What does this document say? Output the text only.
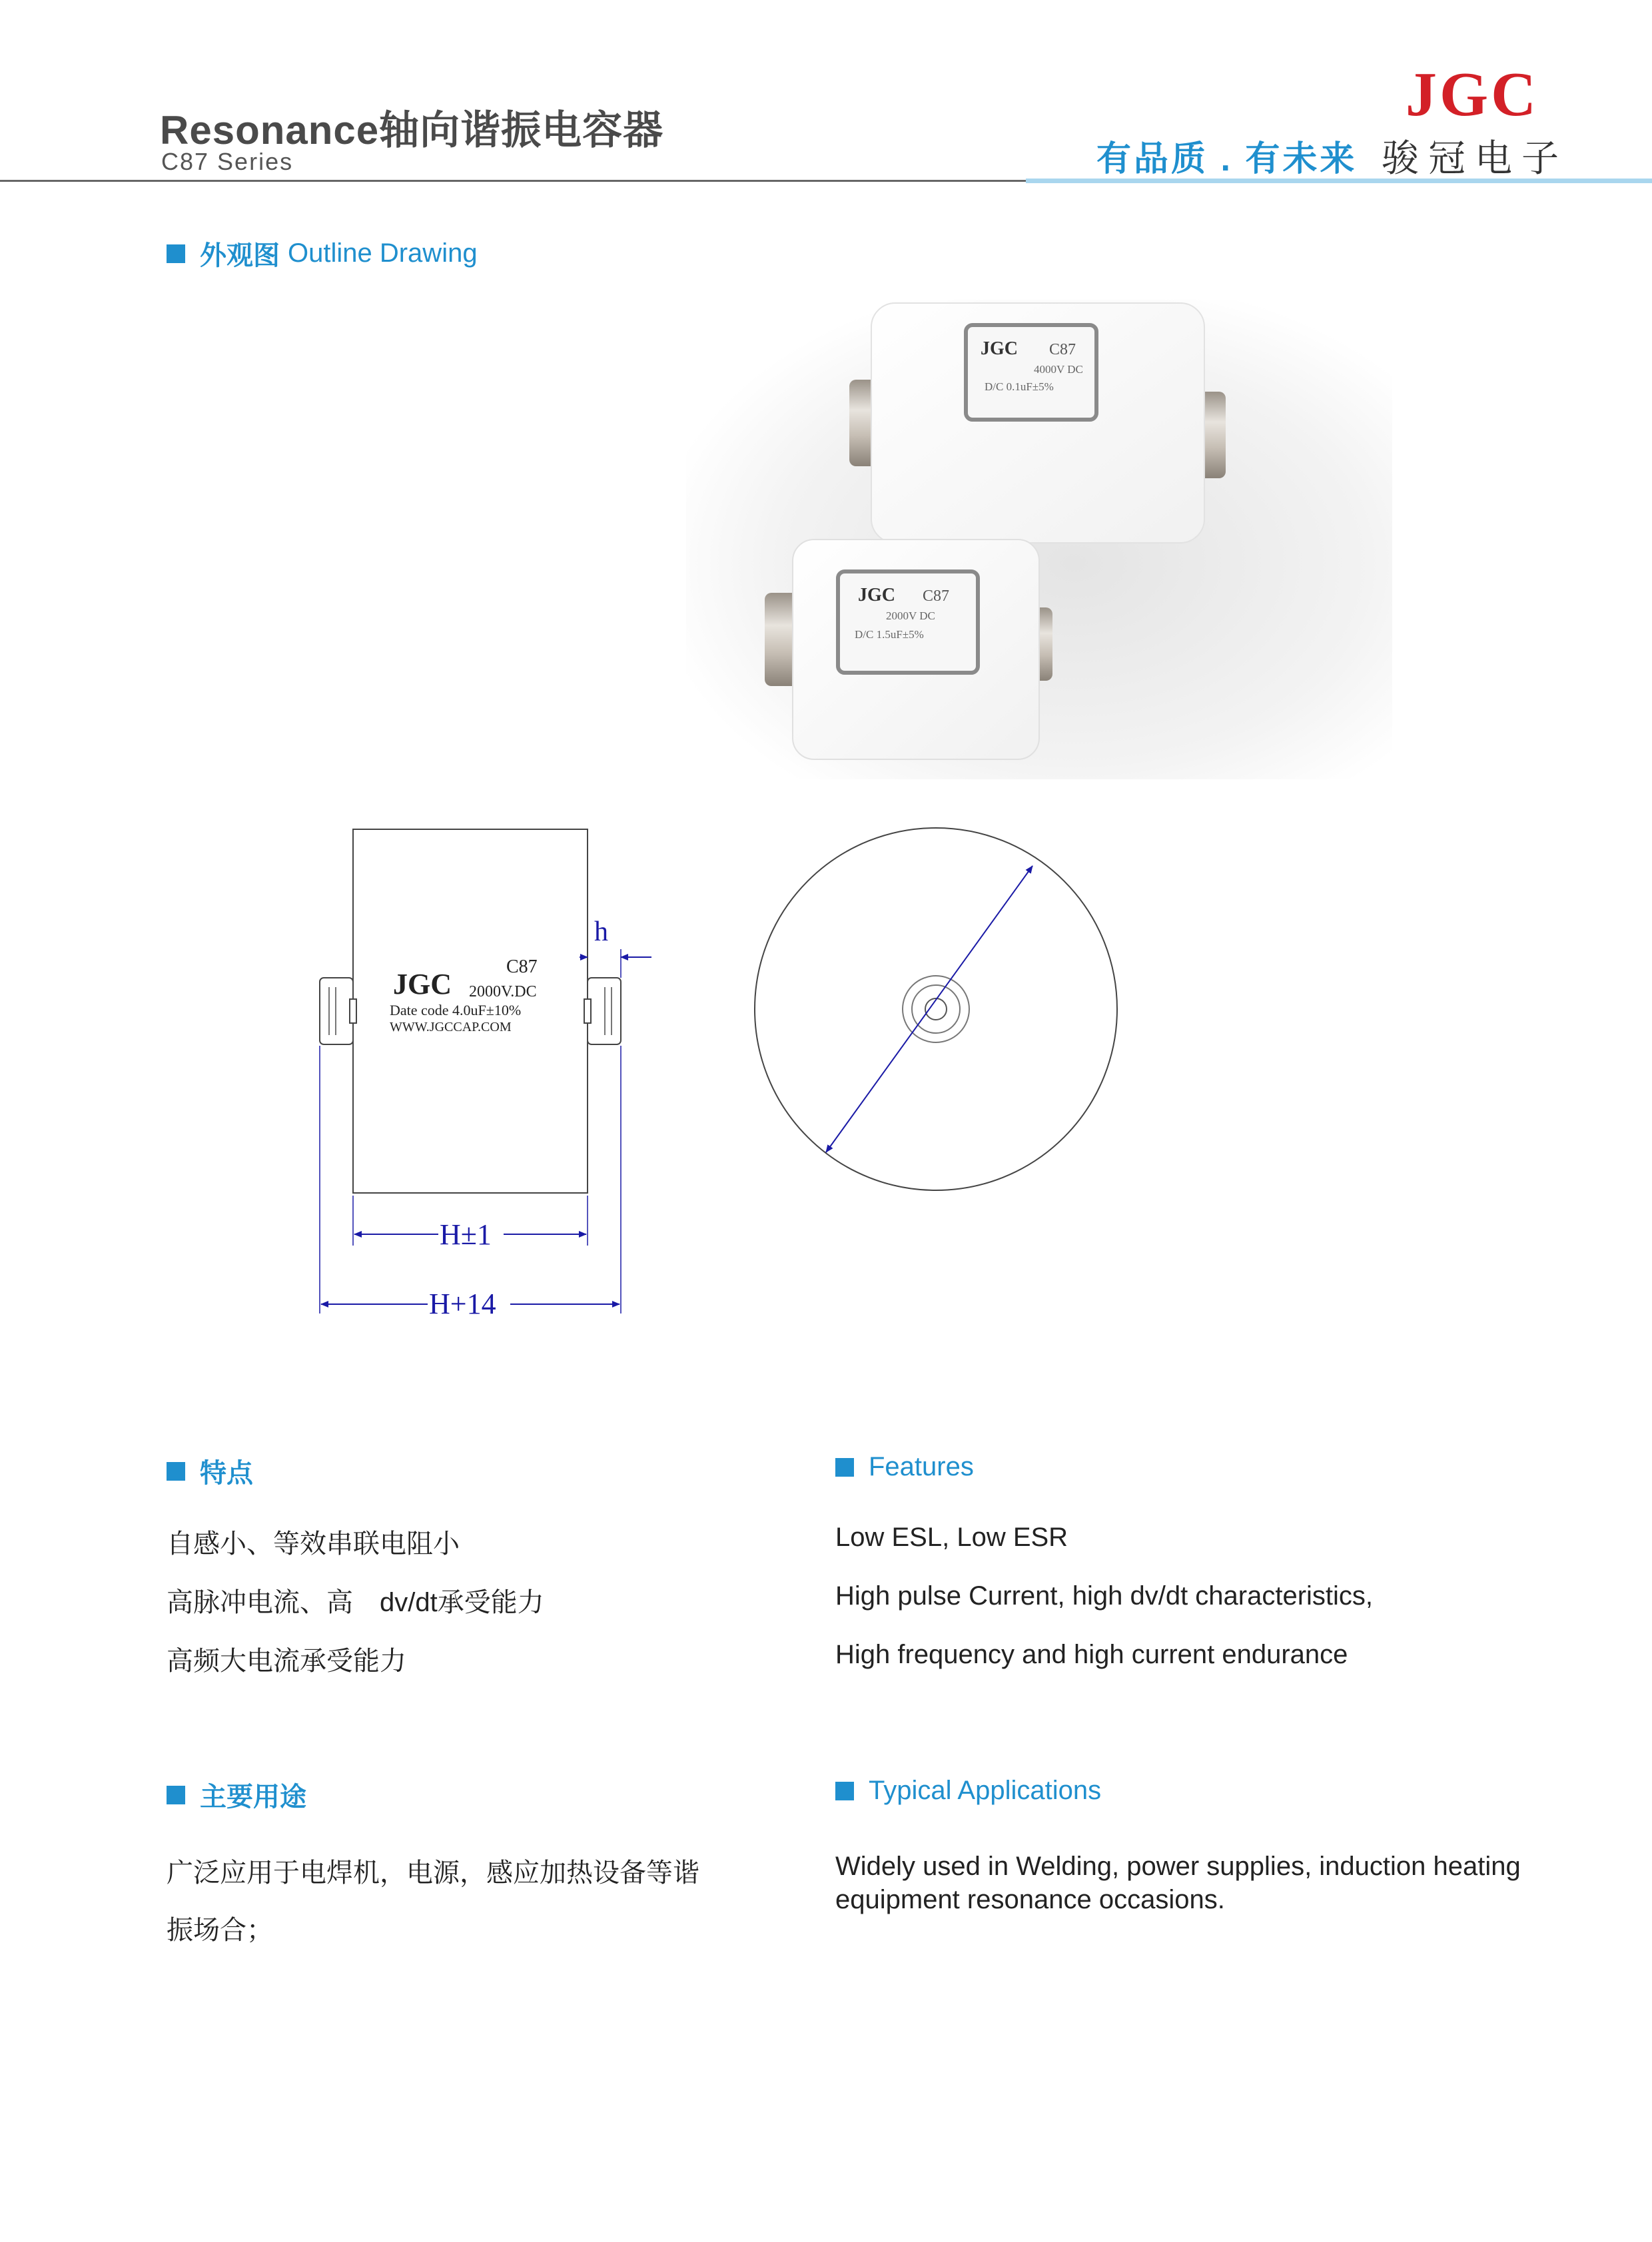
Resonance轴向谐振电容器
C87 Series	有品质 . 有未来
JGC
骏冠电子
外观图 Outline Drawing
JGC C87
4000V DC
D/C 0.1uF±5%
JGC C87
2000V DC
D/C 1.5uF±5%
JGC
C87
2000V.DC
Date code 4.0uF±10%
WWW.JGCCAP.COM
h
H±1
H+14
特点
自感小、等效串联电阻小
高脉冲电流、高　dv/dt承受能力
高频大电流承受能力
Features
Low ESL, Low ESR
High pulse Current, high dv/dt characteristics,
High frequency and high current endurance
主要用途
广泛应用于电焊机，电源，感应加热设备等谐
振场合；
Typical Applications
Widely used in Welding, power supplies, induction heating
equipment resonance occasions.
